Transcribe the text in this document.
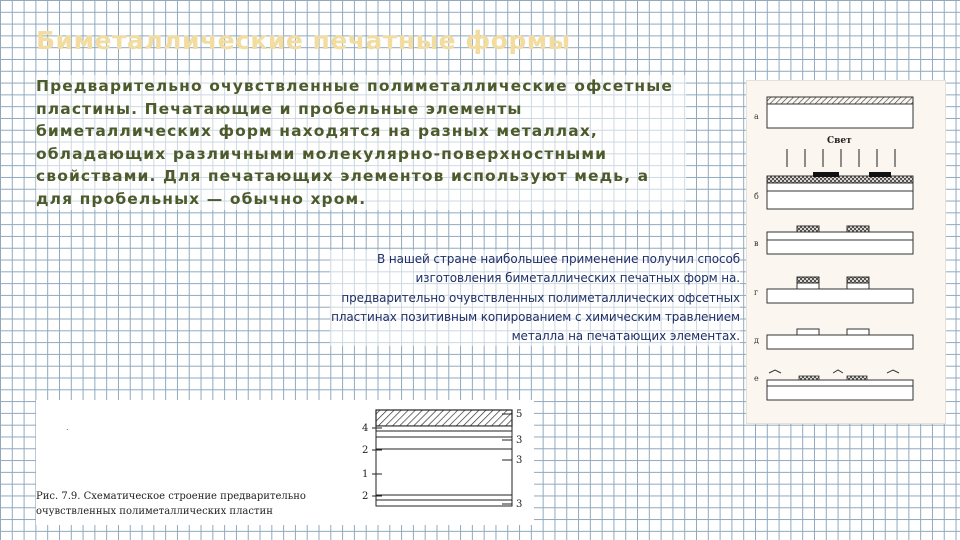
Биметаллические печатные формы
Предварительно очувствленные полиметаллические офсетные пластины. Печатающие и пробельные элементы биметаллических форм находятся на разных металлах, обладающих различными молекулярно-поверхностными свойствами. Для печатающих элементов используют медь, а для пробельных — обычно хром.
В нашей стране наибольшее применение получил способ изготовления биметаллических печатных форм на. предварительно очувствленных полиметаллических офсетных пластинах позитивным копированием с химическим травлением металла на печатающих элементах.
а
Свет
б
в
г
д
е
.	4
2
1
2
5
3
3
3
Рис. 7.9. Схематическое строение предварительно очувствленных полиметаллических пластин
